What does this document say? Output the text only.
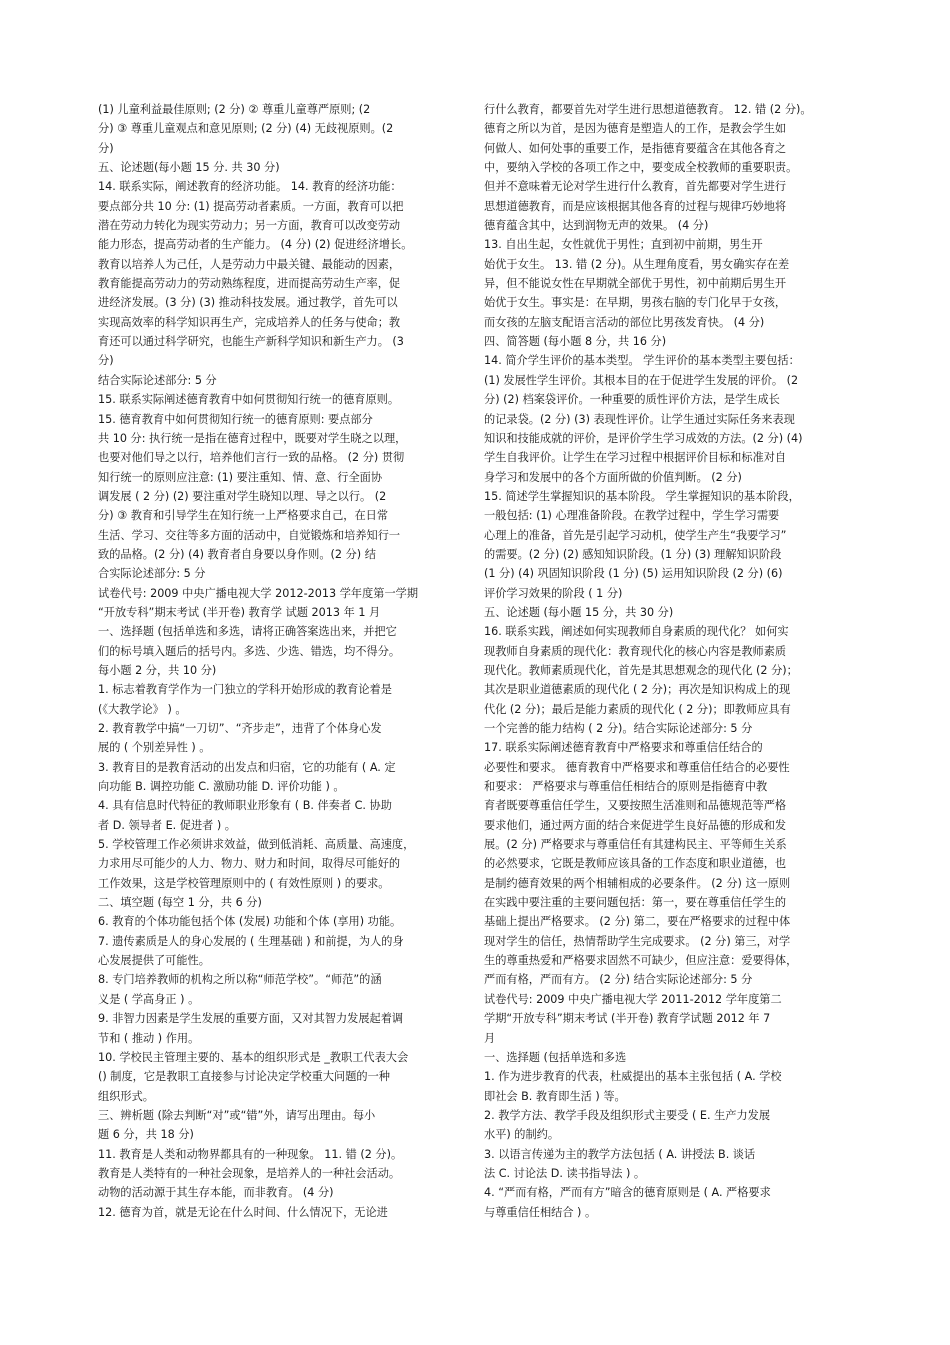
(1) 儿童利益最佳原则; (2 分) ② 尊重儿童尊严原则; (2

分) ③ 尊重儿童观点和意见原则; (2 分) (4) 无歧视原则。(2

分)

五、论述题(每小题 15 分. 共 30 分)

14. 联系实际，阐述教育的经济功能。 14. 教育的经济功能：

要点部分共 10 分: (1) 提高劳动者素质。一方面，教育可以把

潜在劳动力转化为现实劳动力；另一方面，教育可以改变劳动

能力形态，提高劳动者的生产能力。 (4 分) (2) 促进经济增长。

教育以培养人为己任，人是劳动力中最关键、最能动的因素，

教育能提高劳动力的劳动熟练程度，进而提高劳动生产率，促

进经济发展。(3 分) (3) 推动科技发展。通过教学，首先可以

实现高效率的科学知识再生产，完成培养人的任务与使命；教

育还可以通过科学研究，也能生产新科学知识和新生产力。 (3

分)

结合实际论述部分: 5 分

15. 联系实际阐述德育教育中如何贯彻知行统一的德育原则。

15. 德育教育中如何贯彻知行统一的德育原则: 要点部分

共 10 分: 执行统一是指在德育过程中，既要对学生晓之以理，

也要对他们导之以行，培养他们言行一致的品格。 (2 分) 贯彻

知行统一的原则应注意: (1) 要注重知、情、意、行全面协

调发展 ( 2 分) (2) 要注重对学生晓知以理、导之以行。 (2

分) ③ 教育和引导学生在知行统一上严格要求自己，在日常

生活、学习、交往等多方面的活动中，自觉锻炼和培养知行一

致的品格。(2 分) (4) 教育者自身要以身作则。(2 分) 结

合实际论述部分: 5 分

试卷代号: 2009 中央广播电视大学 2012-2013 学年度第一学期

“开放专科”期末考试 (半开卷) 教育学 试题 2013 年 1 月

一、选择题 (包括单选和多选，请将正确答案选出来，并把它

们的标号填入题后的括号内。多选、少选、错选，均不得分。

每小题 2 分，共 10 分)

1. 标志着教育学作为一门独立的学科开始形成的教育论着是

(《大教学论》 ) 。

2. 教育教学中搞“一刀切”、“齐步走”，违背了个体身心发

展的 ( 个别差异性 ) 。

3. 教育目的是教育活动的出发点和归宿，它的功能有 ( A. 定

向功能 B. 调控功能 C. 激励功能 D. 评价功能 ) 。

4. 具有信息时代特征的教师职业形象有 ( B. 伴奏者 C. 协助

者 D. 领导者 E. 促进者 ) 。

5. 学校管理工作必须讲求效益，做到低消耗、高质量、高速度，

力求用尽可能少的人力、物力、财力和时间，取得尽可能好的

工作效果，这是学校管理原则中的 ( 有效性原则 ) 的要求。

二、填空题 (每空 1 分，共 6 分)

6. 教育的个体功能包括个体 (发展) 功能和个体 (享用) 功能。

7. 遗传素质是人的身心发展的 ( 生理基础 ) 和前提，为人的身

心发展提供了可能性。

8. 专门培养教师的机构之所以称“师范学校”。“师范”的涵

义是 ( 学高身正 ) 。

9. 非智力因素是学生发展的重要方面，又对其智力发展起着调

节和 ( 推动 ) 作用。

10. 学校民主管理主要的、基本的组织形式是 _教职工代表大会

() 制度，它是教职工直接参与讨论决定学校重大问题的一种

组织形式。

三、辨析题 (除去判断“对”或“错”外，请写出理由。每小

题 6 分，共 18 分)

11. 教育是人类和动物界都具有的一种现象。 11. 错 (2 分)。

教育是人类特有的一种社会现象，是培养人的一种社会活动。

动物的活动源于其生存本能，而非教育。 (4 分)

12. 德育为首，就是无论在什么时间、什么情况下，无论进

行什么教育，都要首先对学生进行思想道德教育。 12. 错 (2 分)。

德育之所以为首，是因为德育是塑造人的工作，是教会学生如

何做人、如何处事的重要工作，是指德育要蕴含在其他各育之

中，要纳入学校的各项工作之中，要变成全校教师的重要职责。

但并不意味着无论对学生进行什么教育，首先都要对学生进行

思想道德教育，而是应该根据其他各育的过程与规律巧妙地将

德育蕴含其中，达到润物无声的效果。 (4 分)

13. 自出生起，女性就优于男性；直到初中前期，男生开

始优于女生。 13. 错 (2 分)。从生理角度看，男女确实存在差

异，但不能说女性在早期就全部优于男性，初中前期后男生开

始优于女生。事实是：在早期，男孩右脑的专门化早于女孩，

而女孩的左脑支配语言活动的部位比男孩发育快。 (4 分)

四、简答题 (每小题 8 分，共 16 分)

14. 简介学生评价的基本类型。 学生评价的基本类型主要包括：

(1) 发展性学生评价。其根本目的在于促进学生发展的评价。 (2

分) (2) 档案袋评价。一种重要的质性评价方法，是学生成长

的记录袋。(2 分) (3) 表现性评价。让学生通过实际任务来表现

知识和技能成就的评价，是评价学生学习成效的方法。(2 分) (4)

学生自我评价。让学生在学习过程中根据评价目标和标准对自

身学习和发展中的各个方面所做的价值判断。 (2 分)

15. 简述学生掌握知识的基本阶段。 学生掌握知识的基本阶段，

一般包括: (1) 心理准备阶段。在教学过程中，学生学习需要

心理上的准备，首先是引起学习动机，使学生产生“我要学习”

的需要。(2 分) (2) 感知知识阶段。(1 分) (3) 理解知识阶段

(1 分) (4) 巩固知识阶段 (1 分) (5) 运用知识阶段 (2 分) (6)

评价学习效果的阶段 ( 1 分)

五、论述题 (每小题 15 分，共 30 分)

16. 联系实践，阐述如何实现教师自身素质的现代化？ 如何实

现教师自身素质的现代化：教育现代化的核心内容是教师素质

现代化。教师素质现代化，首先是其思想观念的现代化 (2 分)；

其次是职业道德素质的现代化 ( 2 分)；再次是知识构成上的现

代化 (2 分)；最后是能力素质的现代化 ( 2 分)；即教师应具有

一个完善的能力结构 ( 2 分)。结合实际论述部分: 5 分

17. 联系实际阐述德育教育中严格要求和尊重信任结合的

必要性和要求。 德育教育中严格要求和尊重信任结合的必要性

和要求： 严格要求与尊重信任相结合的原则是指德育中教

育者既要尊重信任学生，又要按照生活准则和品德规范等严格

要求他们，通过两方面的结合来促进学生良好品德的形成和发

展。(2 分) 严格要求与尊重信任有其建构民主、平等师生关系

的必然要求，它既是教师应该具备的工作态度和职业道德，也

是制约德育效果的两个相辅相成的必要条件。 (2 分) 这一原则

在实践中要注重的主要问题包括：第一，要在尊重信任学生的

基础上提出严格要求。 (2 分) 第二，要在严格要求的过程中体

现对学生的信任，热情帮助学生完成要求。 (2 分) 第三，对学

生的尊重热爱和严格要求固然不可缺少，但应注意：爱要得体，

严而有格，严而有方。 (2 分) 结合实际论述部分: 5 分

试卷代号: 2009 中央广播电视大学 2011-2012 学年度第二

学期“开放专科”期末考试 (半开卷) 教育学试题 2012 年 7

月

一、选择题 (包括单选和多选

1. 作为进步教育的代表，杜威提出的基本主张包括 ( A. 学校

即社会 B. 教育即生活 ) 等。

2. 教学方法、教学手段及组织形式主要受 ( E. 生产力发展

水平) 的制约。

3. 以语言传递为主的教学方法包括 ( A. 讲授法 B. 谈话

法 C. 讨论法 D. 读书指导法 ) 。

4. “严而有格，严而有方”暗含的德育原则是 ( A. 严格要求

与尊重信任相结合 ) 。
